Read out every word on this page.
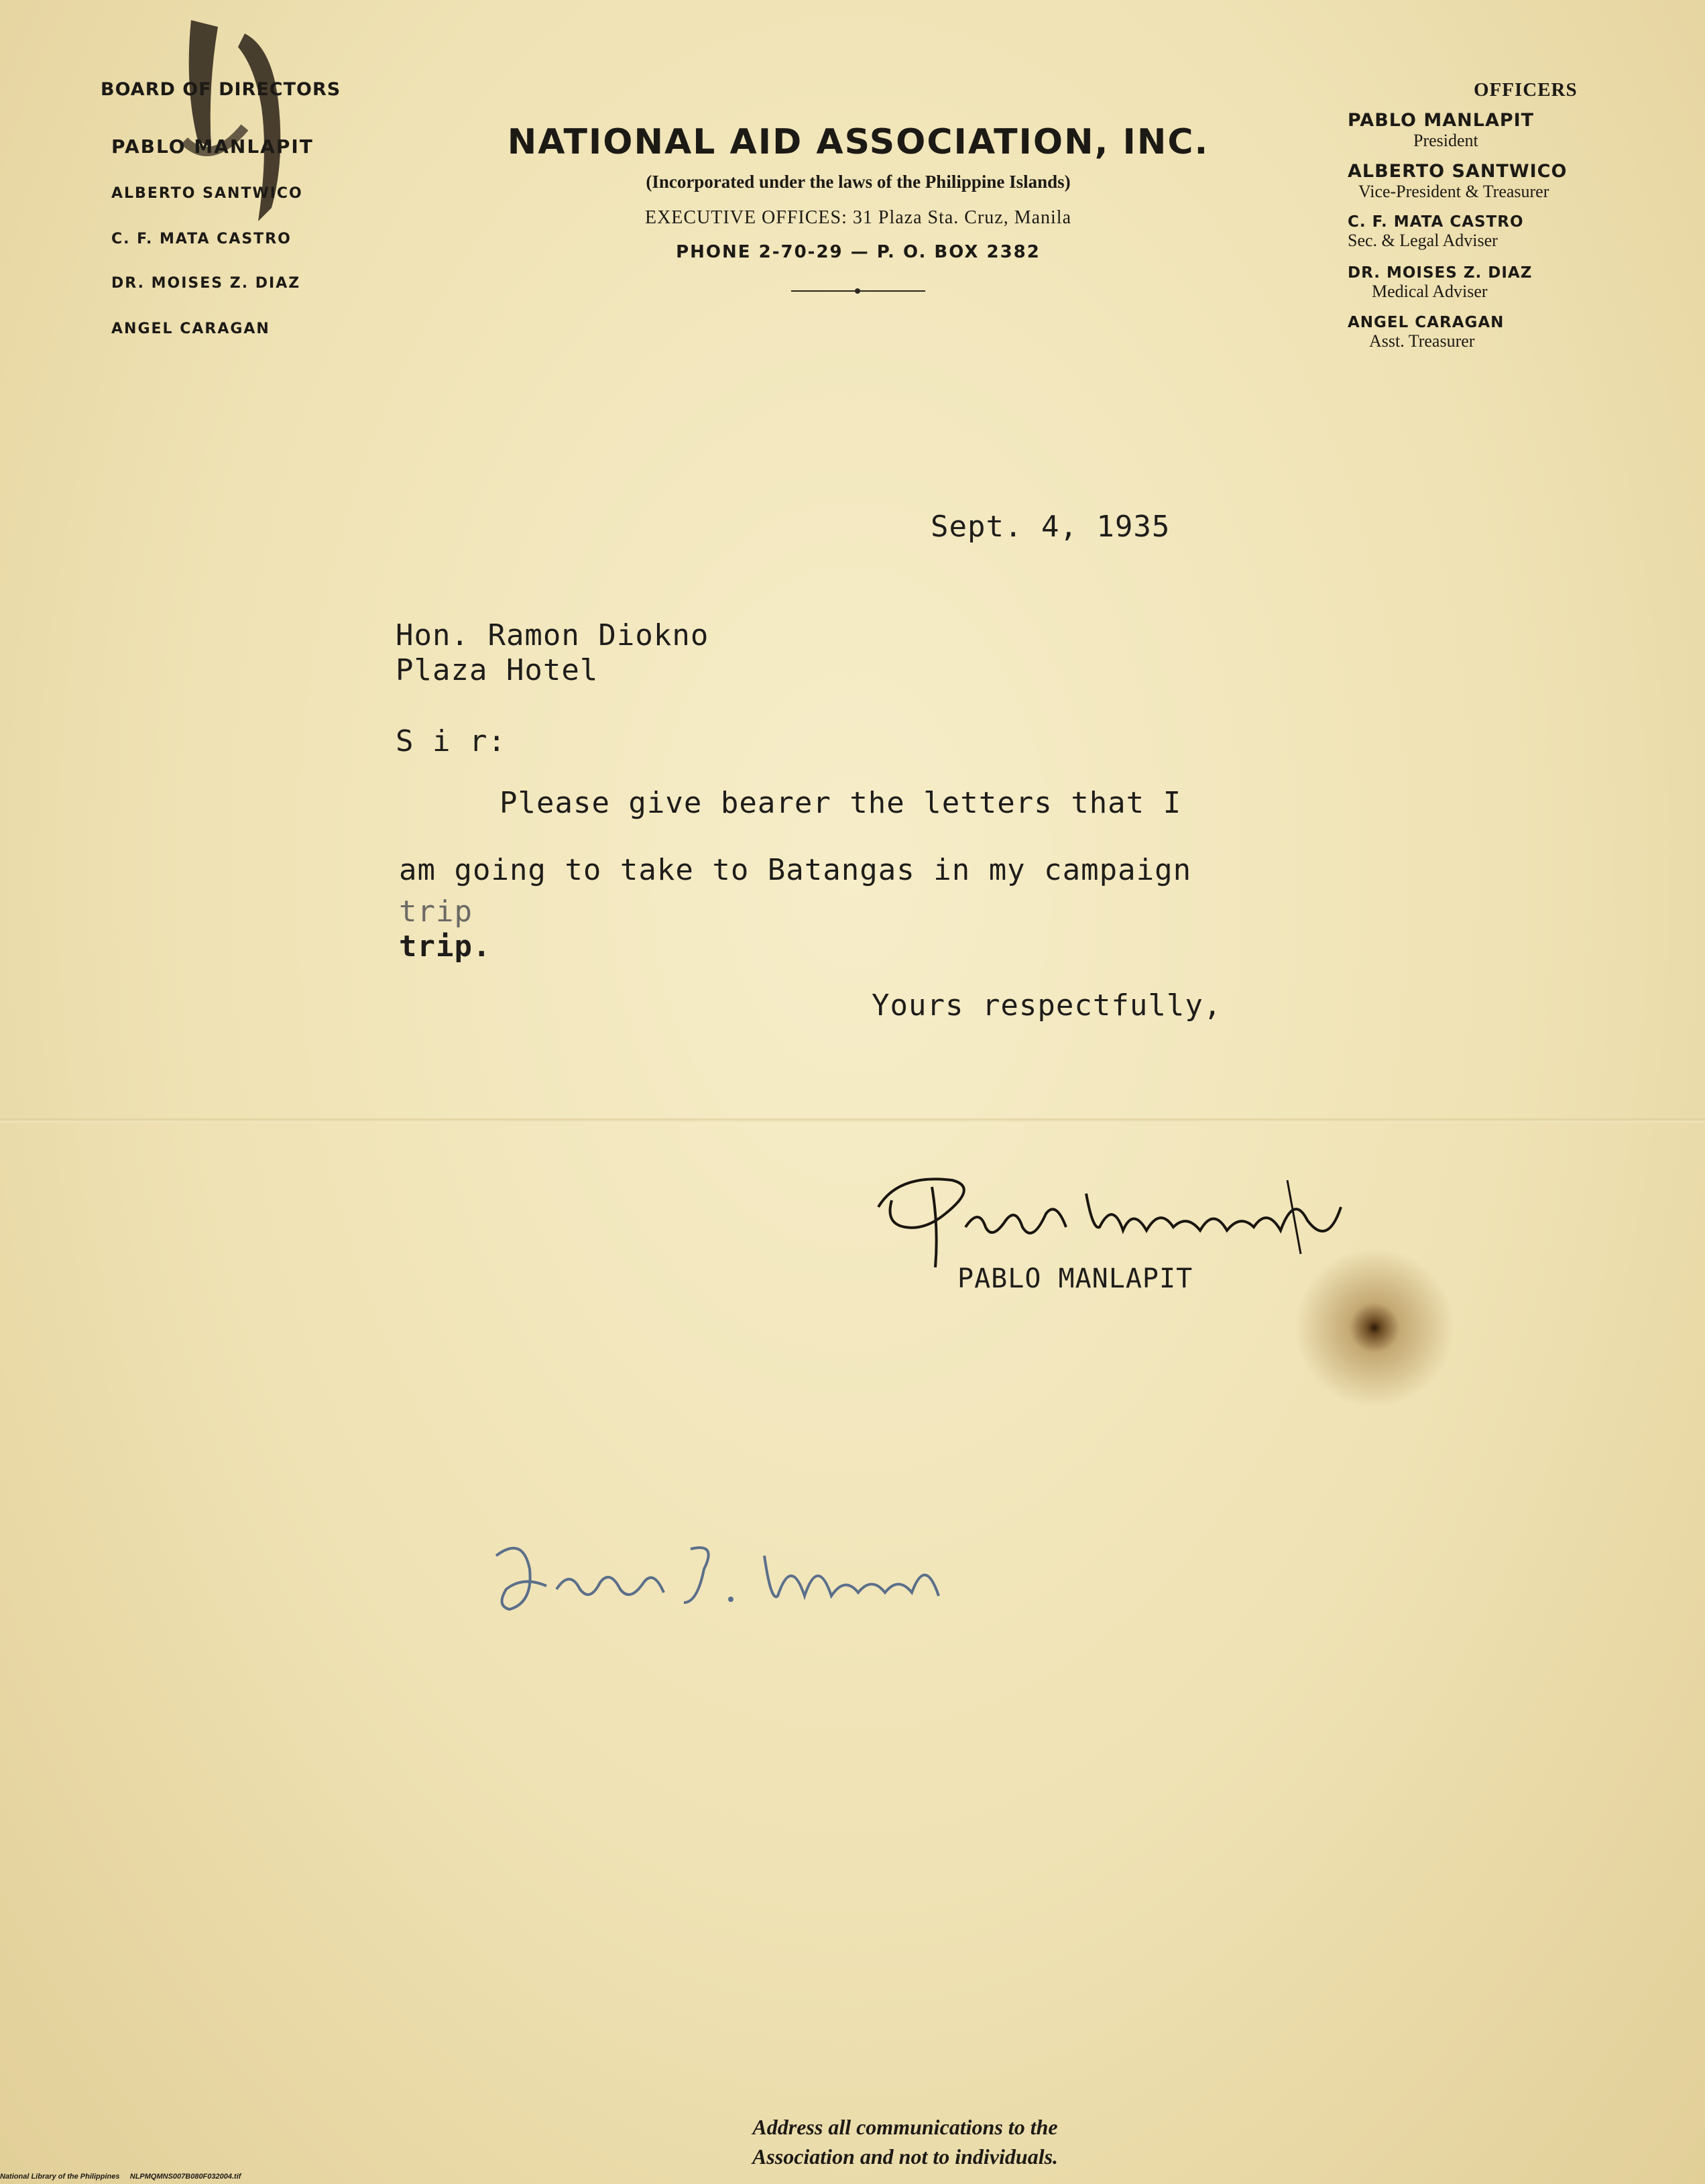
BOARD OF DIRECTORS
PABLO MANLAPIT
ALBERTO SANTWICO
C. F. MATA CASTRO
DR. MOISES Z. DIAZ
ANGEL CARAGAN
NATIONAL AID ASSOCIATION, INC.
(Incorporated under the laws of the Philippine Islands)
EXECUTIVE OFFICES: 31 Plaza Sta. Cruz, Manila
PHONE 2-70-29 — P. O. BOX 2382
OFFICERS
PABLO MANLAPIT
President
ALBERTO SANTWICO
Vice-President & Treasurer
C. F. MATA CASTRO
Sec. & Legal Adviser
DR. MOISES Z. DIAZ
Medical Adviser
ANGEL CARAGAN
Asst. Treasurer
Sept. 4, 1935
Hon. Ramon Diokno
Plaza Hotel
S i r:
Please give bearer the letters that I
am going to take to Batangas in my campaign
trip
trip.
Yours respectfully,
PABLO MANLAPIT
Address all communications to the
Association and not to individuals.
National Library of the Philippines     NLPMQMNS007B080F032004.tif
